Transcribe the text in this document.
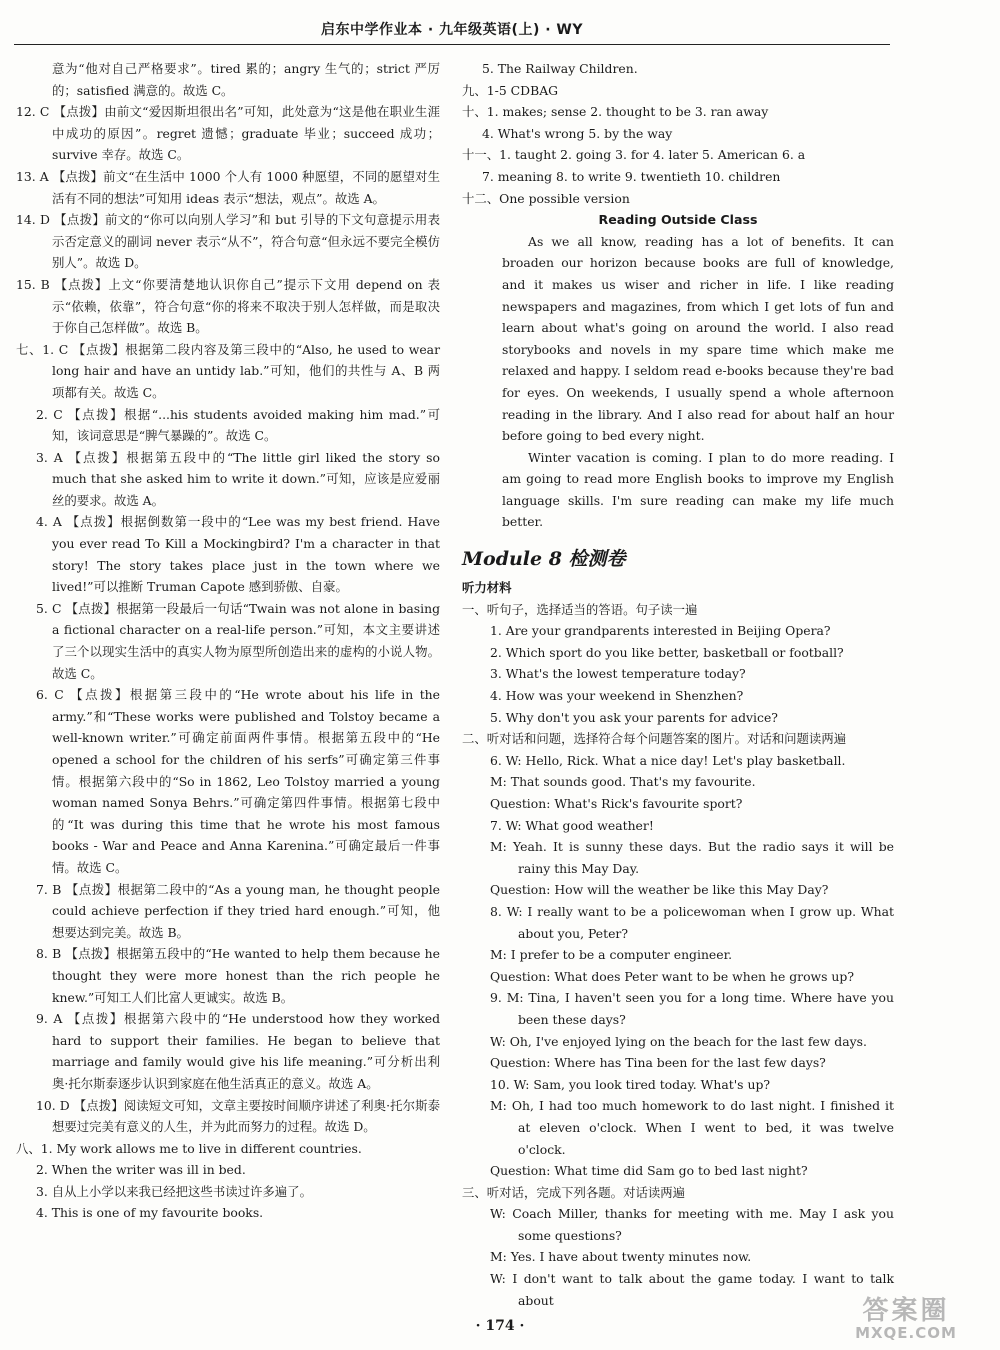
启东中学作业本 · 九年级英语(上) · WY

意为“他对自己严格要求”。tired 累的；angry 生气的；strict 严厉的；satisfied 满意的。故选 C。

12. C 【点拨】由前文“爱因斯坦很出名”可知，此处意为“这是他在职业生涯中成功的原因”。regret 遗憾；graduate 毕业；succeed 成功；survive 幸存。故选 C。

13. A 【点拨】前文“在生活中 1000 个人有 1000 种愿望，不同的愿望对生活有不同的想法”可知用 ideas 表示“想法，观点”。故选 A。

14. D 【点拨】前文的“你可以向别人学习”和 but 引导的下文句意提示用表示否定意义的副词 never 表示“从不”，符合句意“但永远不要完全模仿别人”。故选 D。

15. B 【点拨】上文“你要清楚地认识你自己”提示下文用 depend on 表示“依赖，依靠”，符合句意“你的将来不取决于别人怎样做，而是取决于你自己怎样做”。故选 B。

七、1. C 【点拨】根据第二段内容及第三段中的“Also, he used to wear long hair and have an untidy lab.”可知，他们的共性与 A、B 两项都有关。故选 C。

2. C 【点拨】根据“...his students avoided making him mad.”可知，该词意思是“脾气暴躁的”。故选 C。

3. A 【点拨】根据第五段中的“The little girl liked the story so much that she asked him to write it down.”可知，应该是应爱丽丝的要求。故选 A。

4. A 【点拨】根据倒数第一段中的“Lee was my best friend. Have you ever read To Kill a Mockingbird? I'm a character in that story! The story takes place just in the town where we lived!”可以推断 Truman Capote 感到骄傲、自豪。

5. C 【点拨】根据第一段最后一句话“Twain was not alone in basing a fictional character on a real-life person.”可知，本文主要讲述了三个以现实生活中的真实人物为原型所创造出来的虚构的小说人物。故选 C。

6. C 【点拨】根据第三段中的“He wrote about his life in the army.”和“These works were published and Tolstoy became a well-known writer.”可确定前面两件事情。根据第五段中的“He opened a school for the children of his serfs”可确定第三件事情。根据第六段中的“So in 1862, Leo Tolstoy married a young woman named Sonya Behrs.”可确定第四件事情。根据第七段中的“It was during this time that he wrote his most famous books - War and Peace and Anna Karenina.”可确定最后一件事情。故选 C。

7. B 【点拨】根据第二段中的“As a young man, he thought people could achieve perfection if they tried hard enough.”可知，他想要达到完美。故选 B。

8. B 【点拨】根据第五段中的“He wanted to help them because he thought they were more honest than the rich people he knew.”可知工人们比富人更诚实。故选 B。

9. A 【点拨】根据第六段中的“He understood how they worked hard to support their families. He began to believe that marriage and family would give his life meaning.”可分析出利奥·托尔斯泰逐步认识到家庭在他生活真正的意义。故选 A。

10. D 【点拨】阅读短文可知，文章主要按时间顺序讲述了利奥·托尔斯泰想要过完美有意义的人生，并为此而努力的过程。故选 D。

八、1. My work allows me to live in different countries.

2. When the writer was ill in bed.

3. 自从上小学以来我已经把这些书读过许多遍了。

4. This is one of my favourite books.

5. The Railway Children.

九、1-5 CDBAG

十、1. makes; sense 2. thought to be 3. ran away

4. What's wrong 5. by the way

十一、1. taught 2. going 3. for 4. later 5. American 6. a

7. meaning 8. to write 9. twentieth 10. children

十二、One possible version

Reading Outside Class

As we all know, reading has a lot of benefits. It can broaden our horizon because books are full of knowledge, and it makes us wiser and richer in life. I like reading newspapers and magazines, from which I get lots of fun and learn about what's going on around the world. I also read storybooks and novels in my spare time which make me relaxed and happy. I seldom read e-books because they're bad for eyes. On weekends, I usually spend a whole afternoon reading in the library. And I also read for about half an hour before going to bed every night.

Winter vacation is coming. I plan to do more reading. I am going to read more English books to improve my English language skills. I'm sure reading can make my life much better.

Module 8 检测卷

听力材料

一、听句子，选择适当的答语。句子读一遍

1. Are your grandparents interested in Beijing Opera?

2. Which sport do you like better, basketball or football?

3. What's the lowest temperature today?

4. How was your weekend in Shenzhen?

5. Why don't you ask your parents for advice?

二、听对话和问题，选择符合每个问题答案的图片。对话和问题读两遍

6. W: Hello, Rick. What a nice day! Let's play basketball.

M: That sounds good. That's my favourite.

Question: What's Rick's favourite sport?

7. W: What good weather!

M: Yeah. It is sunny these days. But the radio says it will be rainy this May Day.

Question: How will the weather be like this May Day?

8. W: I really want to be a policewoman when I grow up. What about you, Peter?

M: I prefer to be a computer engineer.

Question: What does Peter want to be when he grows up?

9. M: Tina, I haven't seen you for a long time. Where have you been these days?

W: Oh, I've enjoyed lying on the beach for the last few days.

Question: Where has Tina been for the last few days?

10. W: Sam, you look tired today. What's up?

M: Oh, I had too much homework to do last night. I finished it at eleven o'clock. When I went to bed, it was twelve o'clock.

Question: What time did Sam go to bed last night?

三、听对话，完成下列各题。对话读两遍

W: Coach Miller, thanks for meeting with me. May I ask you some questions?

M: Yes. I have about twenty minutes now.

W: I don't want to talk about the game today. I want to talk about

· 174 ·	答案圈
MXQE.COM
